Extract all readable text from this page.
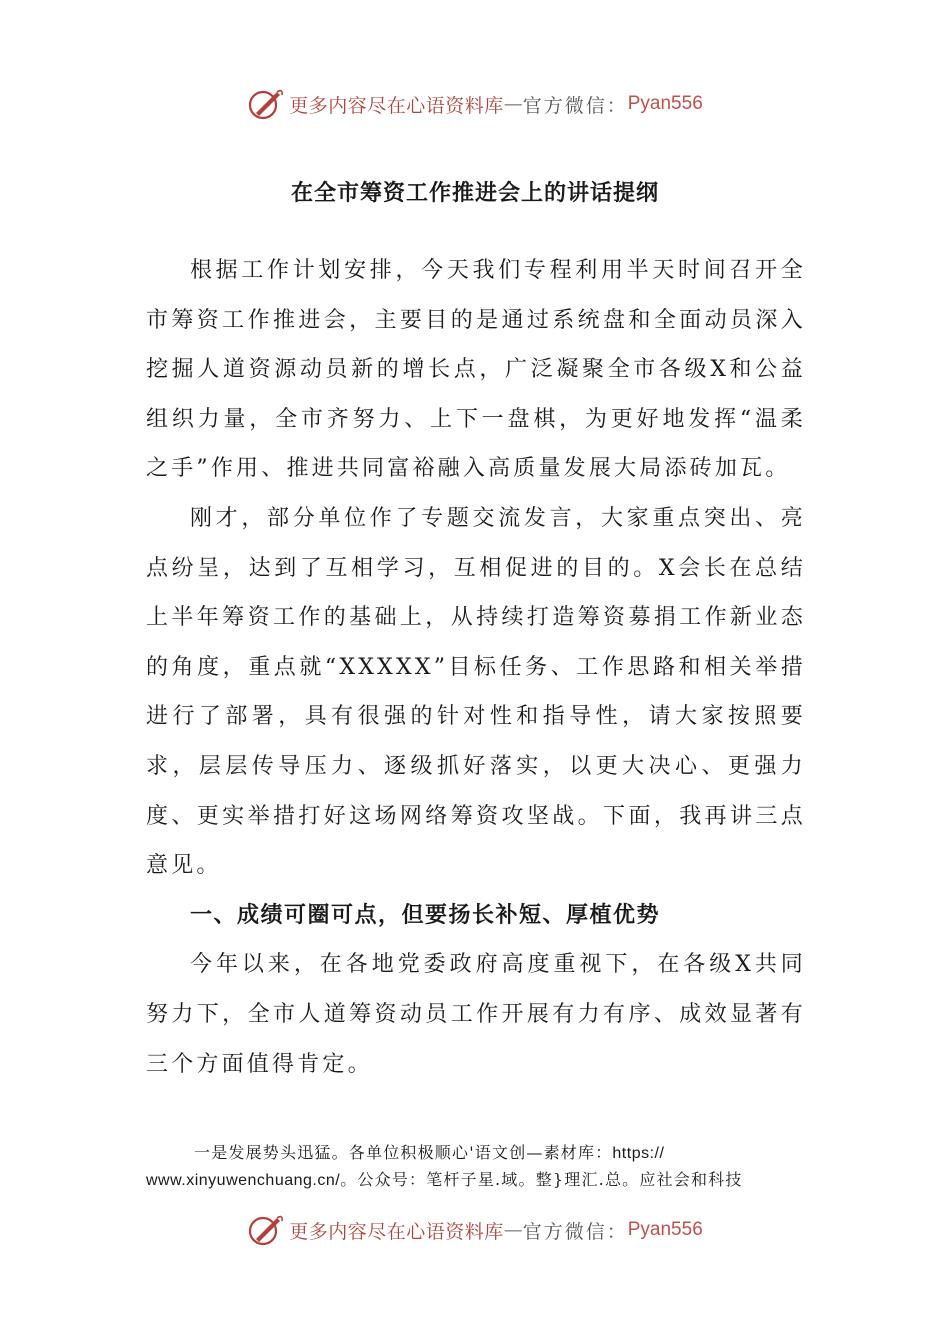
更多内容尽在心语资料库 — 官方微信： Pyan556
在全市筹资工作推进会上的讲话提纲

根据工作计划安排，今天我们专程利用半天时间召开全市筹资工作推进会，主要目的是通过系统盘和全面动员深入挖掘人道资源动员新的增长点，广泛凝聚全市各级X和公益组织力量，全市齐努力、上下一盘棋，为更好地发挥“温柔之手”作用、推进共同富裕融入高质量发展大局添砖加瓦。

刚才，部分单位作了专题交流发言，大家重点突出、亮点纷呈，达到了互相学习，互相促进的目的。X会长在总结上半年筹资工作的基础上，从持续打造筹资募捐工作新业态的角度，重点就“XXXXX”目标任务、工作思路和相关举措进行了部署，具有很强的针对性和指导性，请大家按照要求，层层传导压力、逐级抓好落实，以更大决心、更强力度、更实举措打好这场网络筹资攻坚战。下面，我再讲三点意见。

一、成绩可圈可点，但要扬长补短、厚植优势

今年以来，在各地党委政府高度重视下，在各级X共同努力下，全市人道筹资动员工作开展有力有序、成效显著有三个方面值得肯定。

一是发展势头迅猛。各单位积极顺心'语文创—素材库：https://
www.xinyuwenchuang.cn/。公众号：笔杆子星.域。整}理汇.总。应社会和科技
更多内容尽在心语资料库 — 官方微信： Pyan556
